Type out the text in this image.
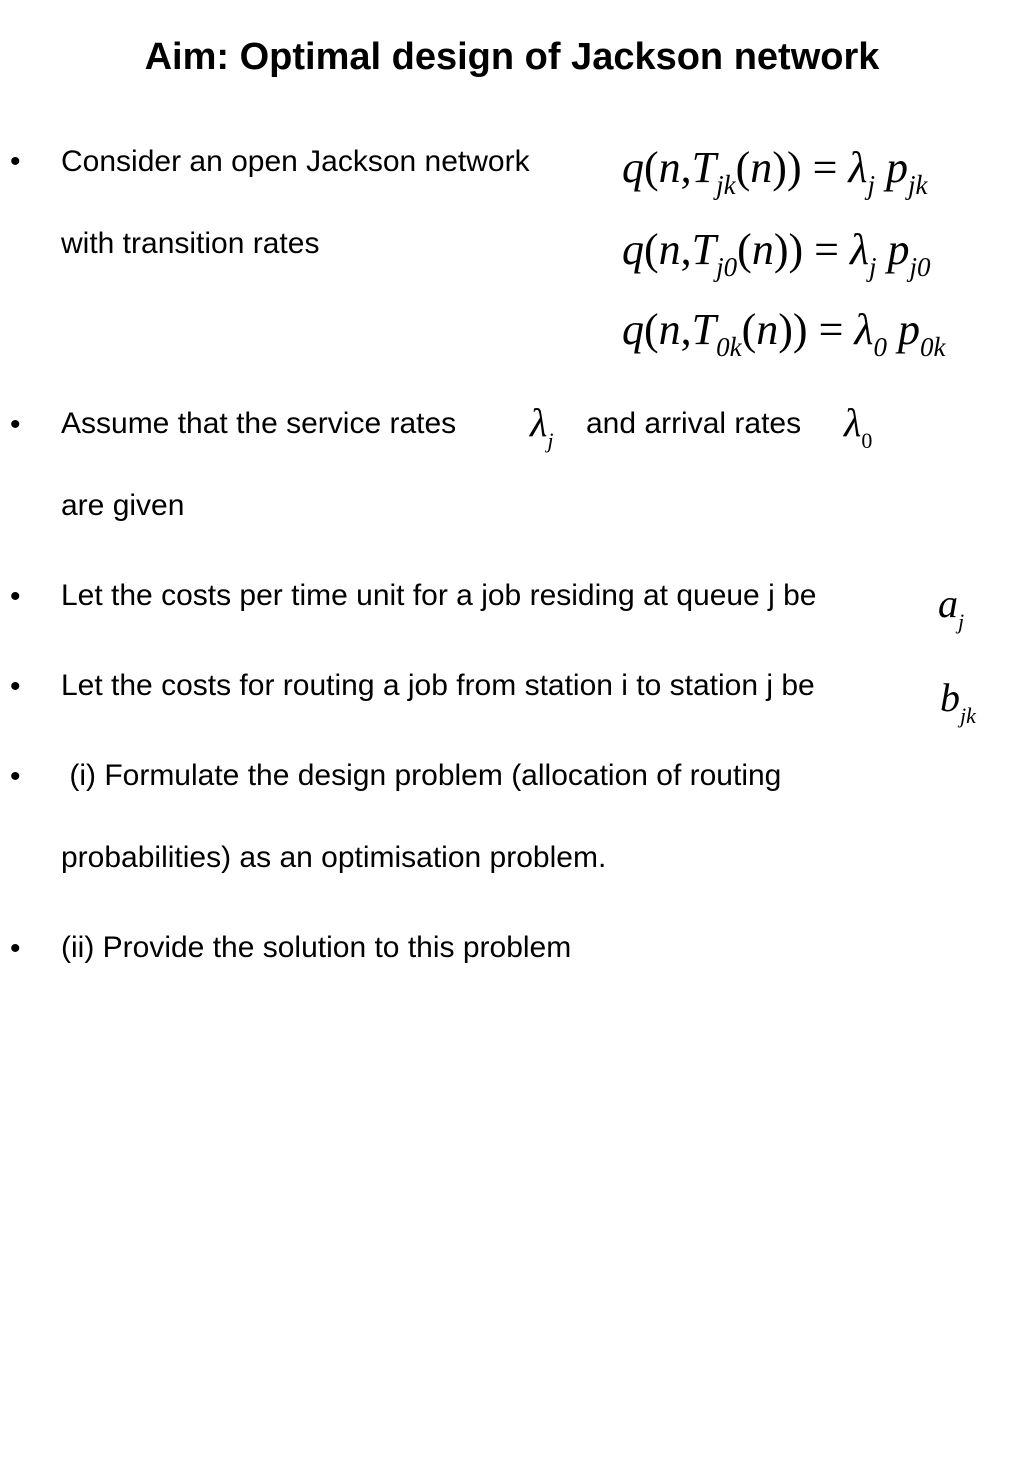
Aim: Optimal design of Jackson network
• Consider an open Jackson network
with transition rates
$q(n,T_{jk}(n)) = \lambda_j$ $p_{jk}$
$q(n,T_{j0}(n)) = \lambda_j$ $p_{j0}$
$q(n,T_{0k}(n)) = \lambda_0$ $p_{0k}$
• Assume that the service rates $\lambda_j$
and arrival rates $\lambda_0$
are given
• Let the costs per time unit for a job residing at queue j be	$a_j$
• Let the costs for routing a job from station i to station j be	$b_{jk}$
• (i) Formulate the design problem (allocation of routing
probabilities) as an optimisation problem.
• (ii) Provide the solution to this problem
